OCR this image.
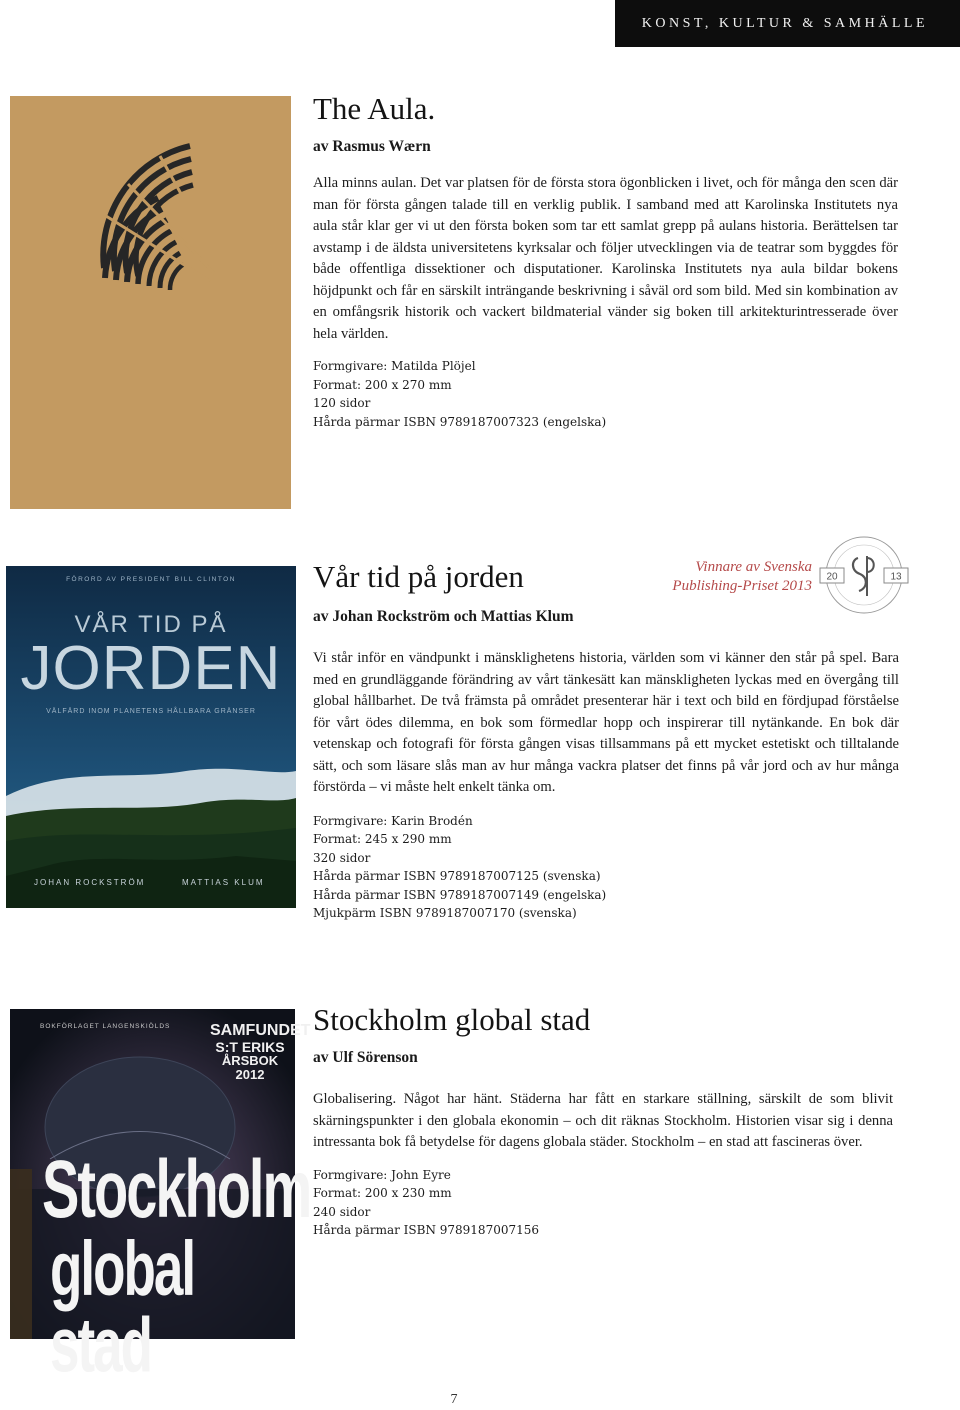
KONST, KULTUR & SAMHÄLLE
The Aula.

av Rasmus Wærn

Alla minns aulan. Det var platsen för de första stora ögonblicken i livet, och för många den scen där man för första gången talade till en verklig publik. I samband med att Karolinska Institutets nya aula står klar ger vi ut den första boken som tar ett samlat grepp på aulans historia. Berättelsen tar avstamp i de äldsta universitetens kyrksalar och följer utvecklingen via de teatrar som byggdes för både offentliga dissektioner och disputationer. Karolinska Institutets nya aula bildar bokens höjdpunkt och får en särskilt inträngande beskrivning i såväl ord som bild. Med sin kombination av en omfångsrik historik och vackert bildmaterial vänder sig boken till arkitekturintresserade över hela världen.

Formgivare: Matilda Plöjel
Format: 200 x 270 mm
120 sidor
Hårda pärmar ISBN 9789187007323 (engelska)
FÖRORD AV PRESIDENT BILL CLINTON
VÅR TID PÅ
JORDEN
VÄLFÄRD INOM PLANETENS HÅLLBARA GRÄNSER
JOHAN ROCKSTRÖM	MATTIAS KLUM
Vår tid på jorden

av Johan Rockström och Mattias Klum

Vi står inför en vändpunkt i mänsklighetens historia, världen som vi känner den står på spel. Bara med en grundläggande förändring av vårt tänkesätt kan mänskligheten lyckas med en övergång till global hållbarhet. De två främsta på området presenterar här i text och bild en fördjupad förståelse för vårt ödes dilemma, en bok som förmedlar hopp och inspirerar till nytänkande. En bok där vetenskap och fotografi för första gången visas tillsammans på ett mycket estetiskt och tilltalande sätt, och som läsare slås man av hur många vackra platser det finns på vår jord och av hur många förstörda – vi måste helt enkelt tänka om.

Formgivare: Karin Brodén
Format: 245 x 290 mm
320 sidor
Hårda pärmar ISBN 9789187007125 (svenska)
Hårda pärmar ISBN 9789187007149 (engelska)
Mjukpärm ISBN 9789187007170 (svenska)
Vinnare av Svenska
Publishing-Priset 2013
20	13
BOKFÖRLAGET LANGENSKIÖLDS SAMFUNDET
S:T ERIKS
ÅRSBOK
2012
Stockholm
global stad
Stockholm global stad

av Ulf Sörenson

Globalisering. Något har hänt. Städerna har fått en starkare ställning, särskilt de som blivit skärningspunkter i den globala ekonomin – och dit räknas Stockholm. Historien visar sig i denna intressanta bok få betydelse för dagens globala städer. Stockholm – en stad att fascineras över.

Formgivare: John Eyre
Format: 200 x 230 mm
240 sidor
Hårda pärmar ISBN 9789187007156
7
